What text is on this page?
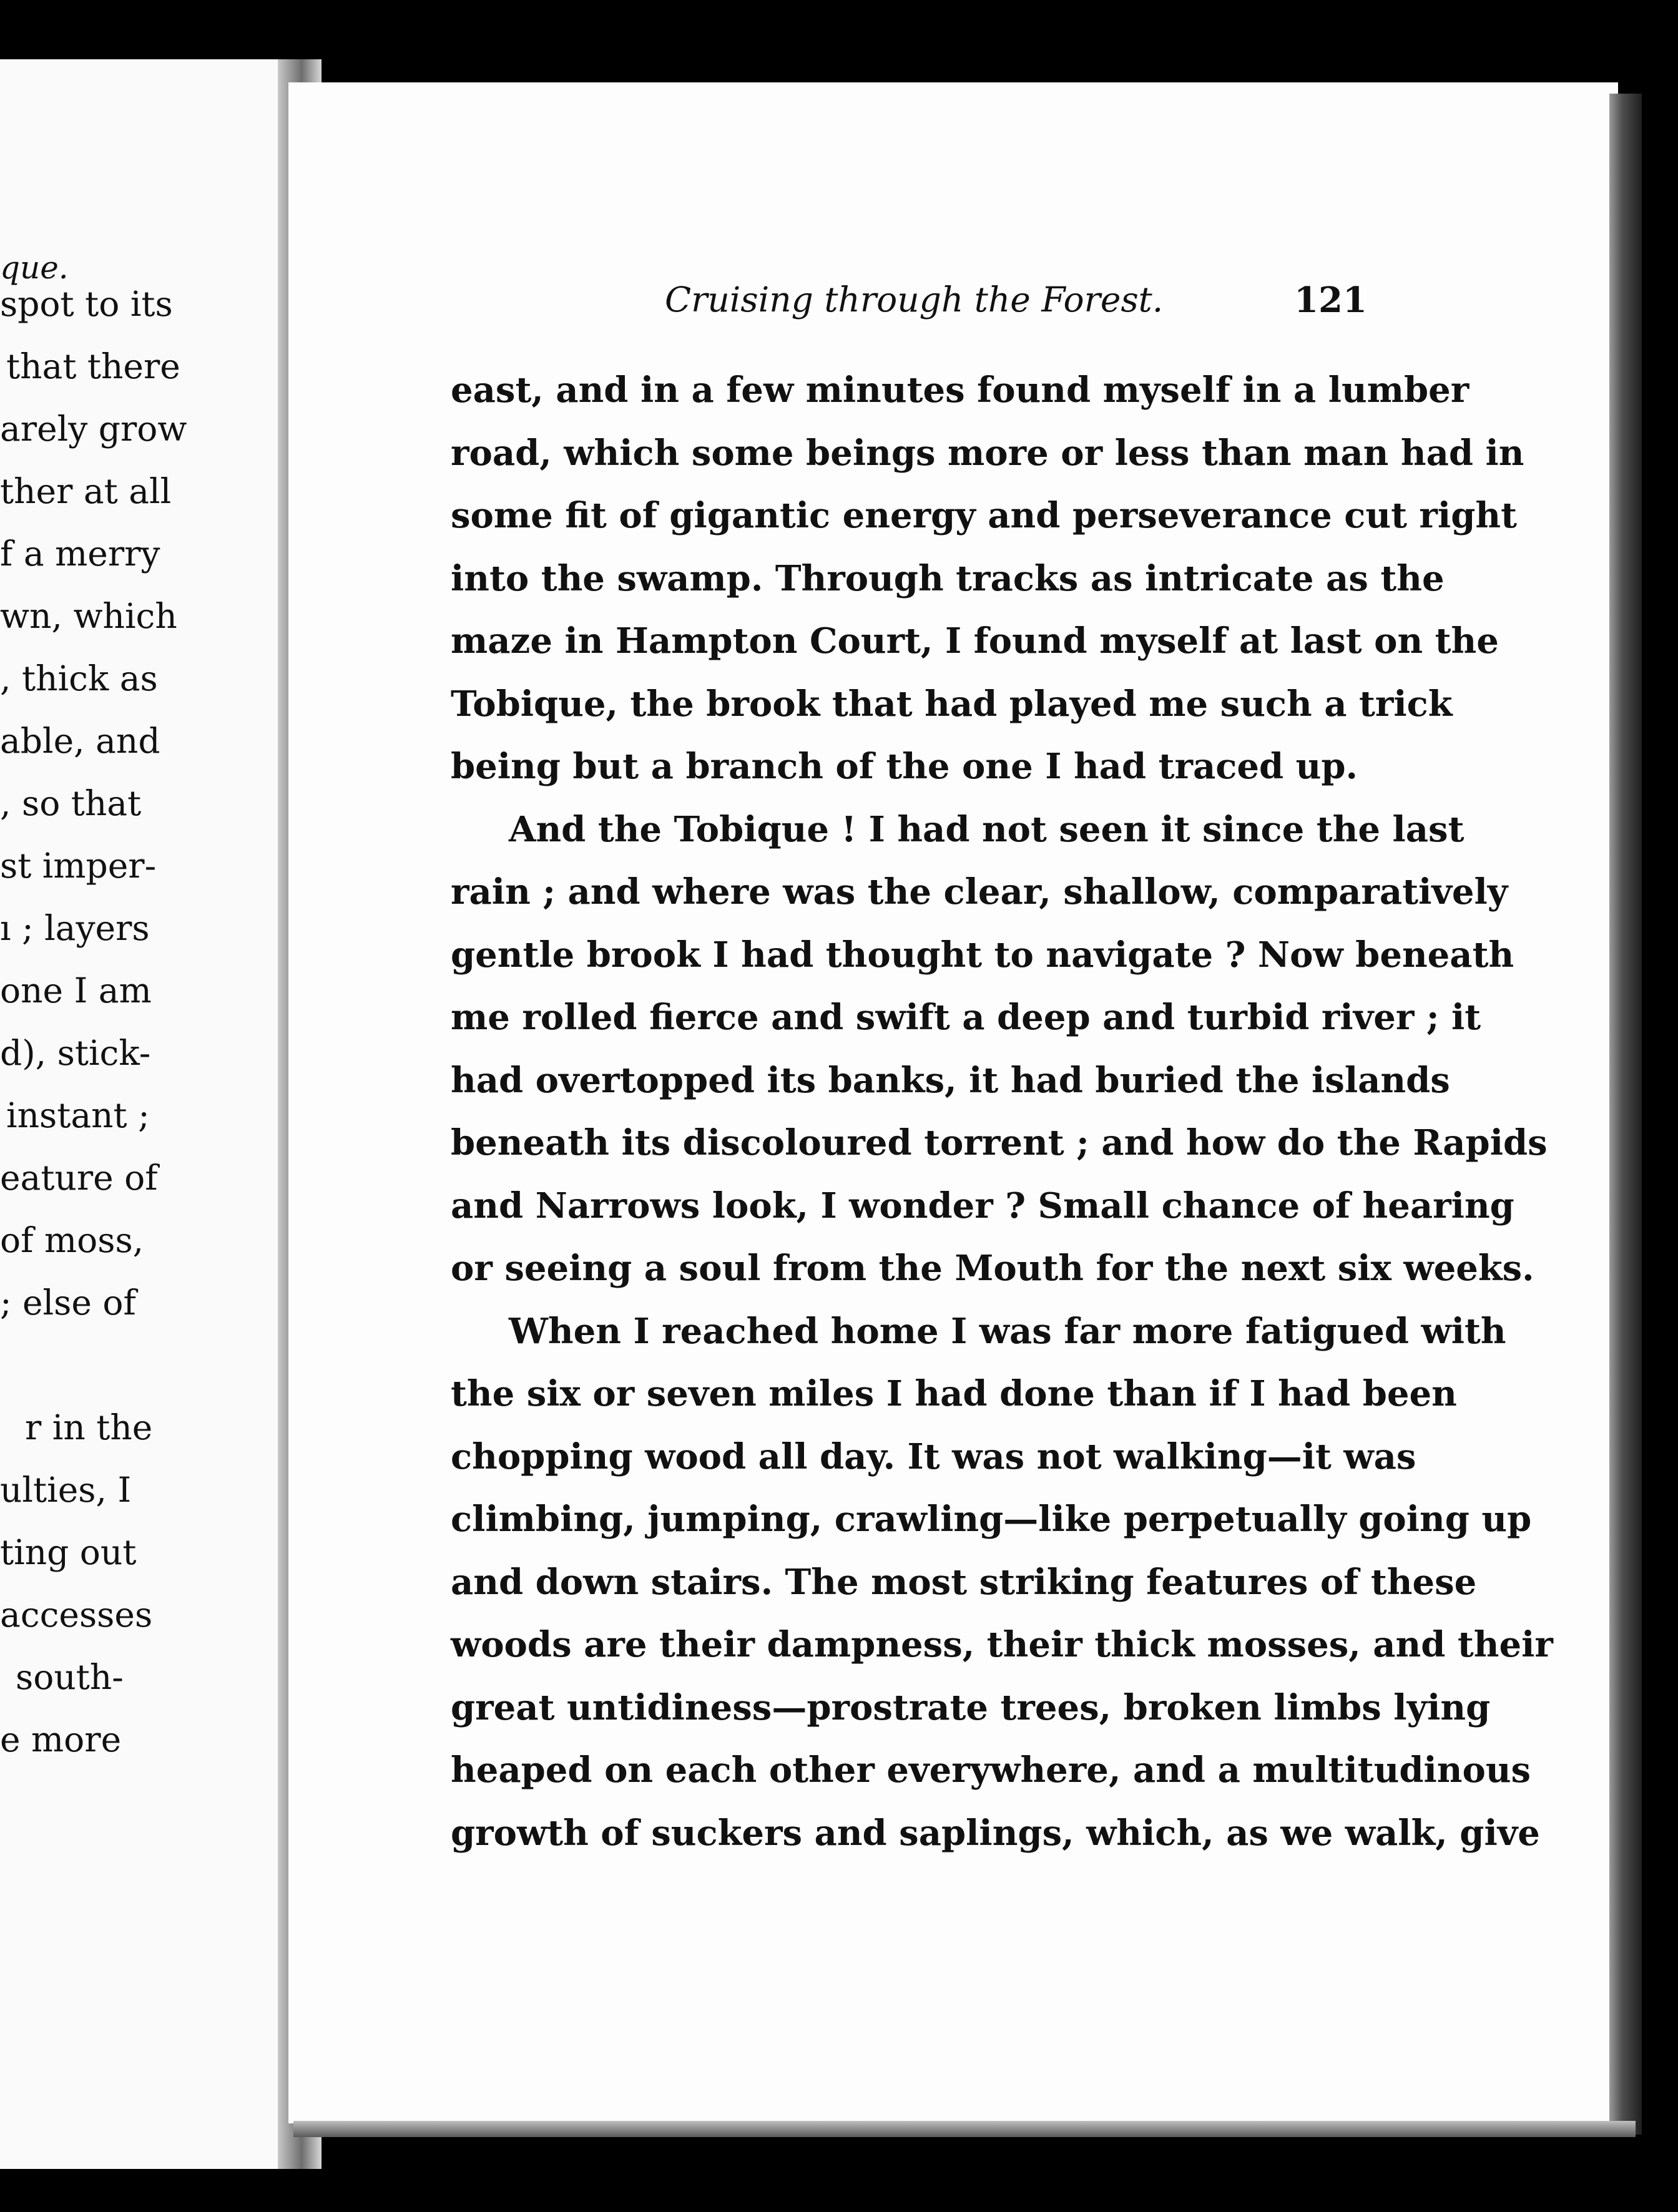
que.
spot to its
that there
arely grow
ther at all
f a merry
wn, which
, thick as
able, and
, so that
st imper-
ı ; layers
one I am
d), stick-
instant ;
eature of
of moss,
; else of
r in the
ulties, I
ting out
accesses
south-
e more
Cruising through the Forest.	121
east, and in a few minutes found myself in a lumber
road, which some beings more or less than man had in
some fit of gigantic energy and perseverance cut right
into the swamp. Through tracks as intricate as the
maze in Hampton Court, I found myself at last on the
Tobique, the brook that had played me such a trick
being but a branch of the one I had traced up.
And the Tobique ! I had not seen it since the last
rain ; and where was the clear, shallow, comparatively
gentle brook I had thought to navigate ? Now beneath
me rolled fierce and swift a deep and turbid river ; it
had overtopped its banks, it had buried the islands
beneath its discoloured torrent ; and how do the Rapids
and Narrows look, I wonder ? Small chance of hearing
or seeing a soul from the Mouth for the next six weeks.
When I reached home I was far more fatigued with
the six or seven miles I had done than if I had been
chopping wood all day. It was not walking—it was
climbing, jumping, crawling—like perpetually going up
and down stairs. The most striking features of these
woods are their dampness, their thick mosses, and their
great untidiness—prostrate trees, broken limbs lying
heaped on each other everywhere, and a multitudinous
growth of suckers and saplings, which, as we walk, give
